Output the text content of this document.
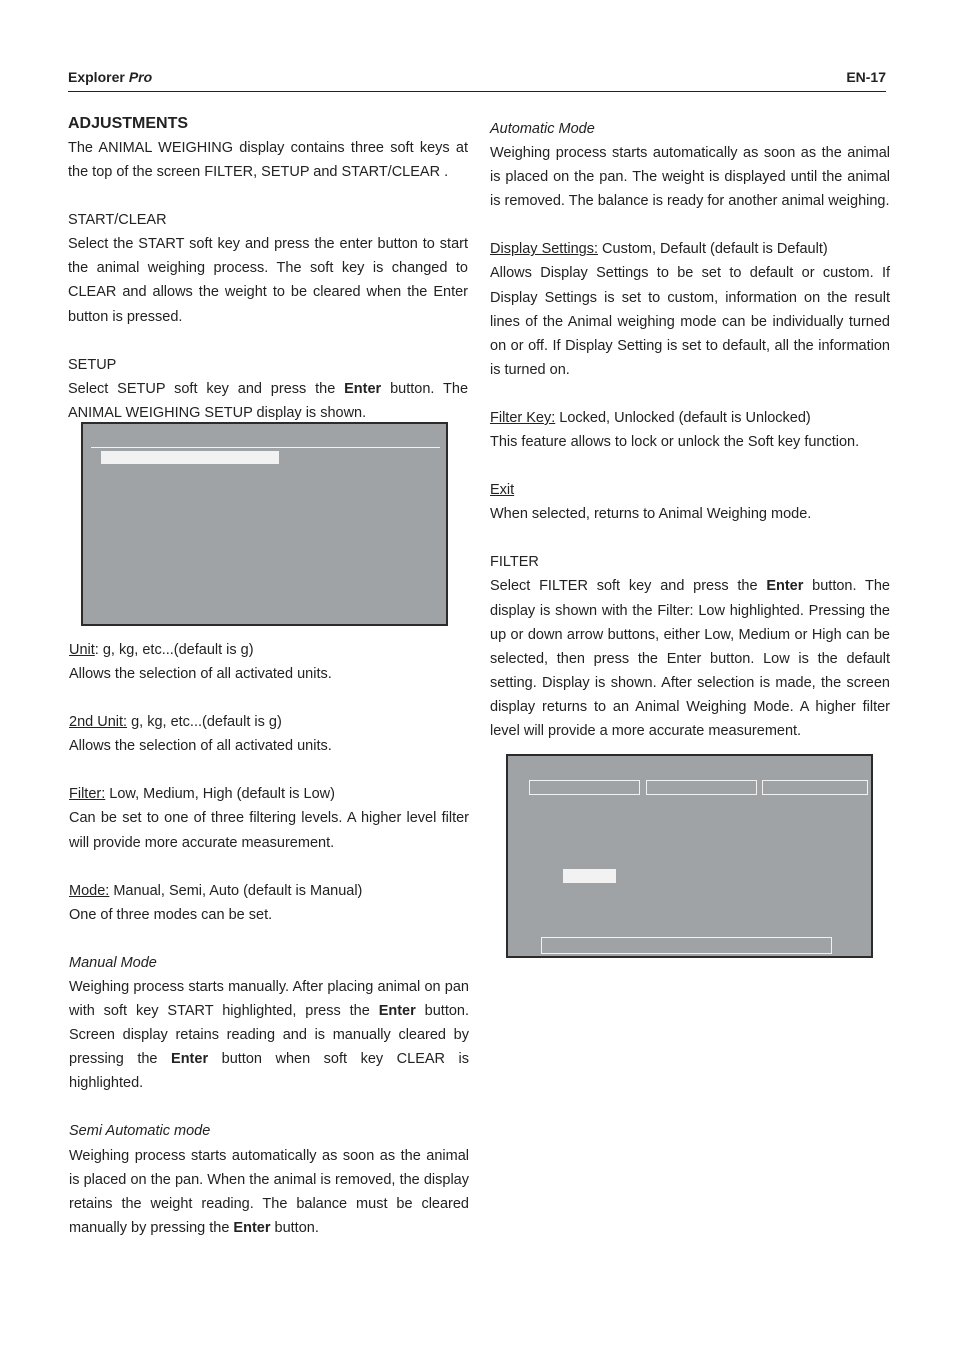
Explorer Pro	EN-17

ADJUSTMENTS

The ANIMAL WEIGHING display contains three soft keys at the top of the screen FILTER, SETUP and START/CLEAR .

START/CLEAR

Select the START soft key and press the enter button to start the animal weighing process. The soft key is changed to CLEAR and allows the weight to be cleared when the Enter button is pressed.

SETUP

Select SETUP soft key and press the Enter button. The ANIMAL WEIGHING SETUP display is shown.

Unit: g, kg, etc...(default is g)

Allows the selection of all activated units.

2nd Unit: g, kg, etc...(default is g)

Allows the selection of all activated units.

Filter: Low, Medium, High (default is Low)

Can be set to one of three filtering levels. A higher level filter will provide more accurate measurement.

Mode: Manual, Semi, Auto (default is Manual)

One of three modes can be set.

Manual Mode

Weighing process starts manually. After placing animal on pan with soft key START highlighted, press the Enter button. Screen display retains reading and is manually cleared by pressing the Enter button when soft key CLEAR is highlighted.

Semi Automatic mode

Weighing process starts automatically as soon as the animal is placed on the pan. When the animal is removed, the display retains the weight reading. The balance must be cleared manually by pressing the Enter button.

Automatic Mode

Weighing process starts automatically as soon as the animal is placed on the pan. The weight is displayed until the animal is removed. The balance is ready for another animal weighing.

Display Settings: Custom, Default (default is Default)

Allows Display Settings to be set to default or custom. If Display Settings is set to custom, information on the result lines of the Animal weighing mode can be individually turned on or off. If Display Setting is set to default, all the information is turned on.

Filter Key: Locked, Unlocked (default is Unlocked)

This feature allows to lock or unlock the Soft key function.

Exit

When selected, returns to Animal Weighing mode.

FILTER

Select FILTER soft key and press the Enter button. The display is shown with the Filter: Low highlighted. Pressing the up or down arrow buttons, either Low, Medium or High can be selected, then press the Enter button. Low is the default setting. Display is shown. After selection is made, the screen display returns to an Animal Weighing Mode. A higher filter level will provide a more accurate measurement.
